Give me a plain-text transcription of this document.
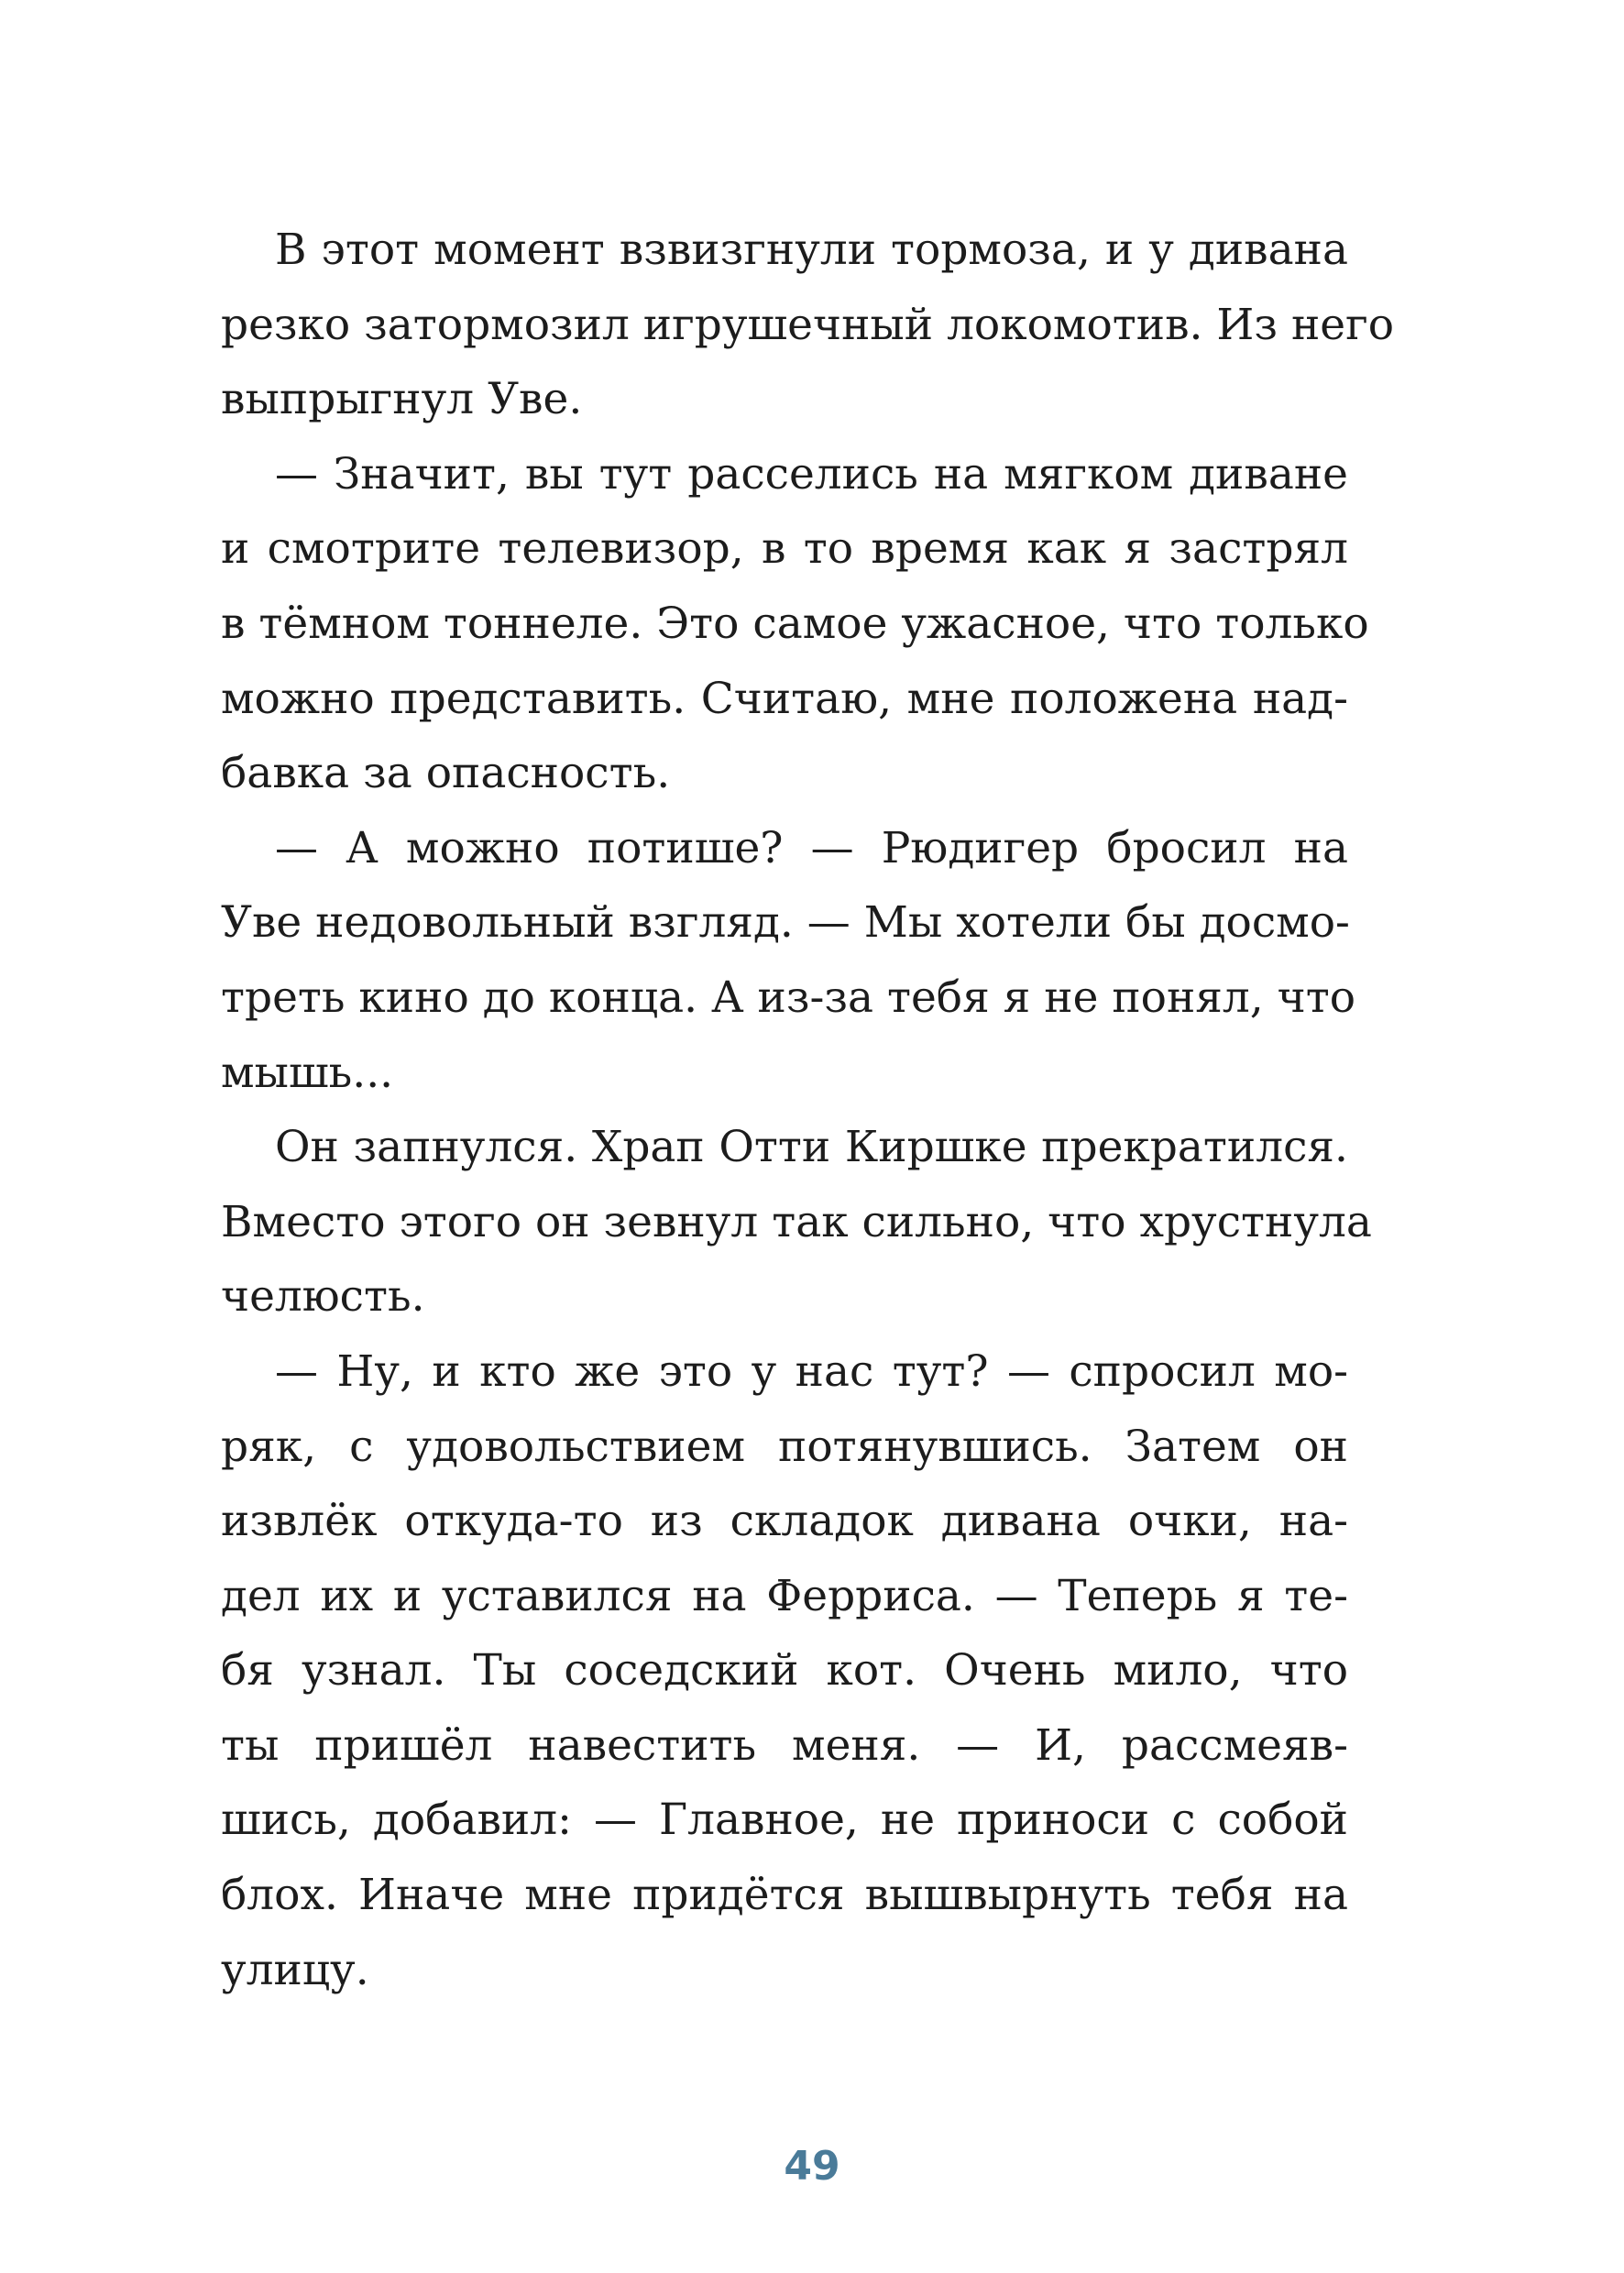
В этот момент взвизгнули тормоза, и у дивана
резко затормозил игрушечный локомотив. Из него
выпрыгнул Уве.
— Значит, вы тут расселись на мягком диване
и смотрите телевизор, в то время как я застрял
в тёмном тоннеле. Это самое ужасное, что только
можно представить. Считаю, мне положена над-
бавка за опасность.
— А можно потише? — Рюдигер бросил на
Уве недовольный взгляд. — Мы хотели бы досмо-
треть кино до конца. А из-за тебя я не понял, что
мышь...
Он запнулся. Храп Отти Киршке прекратился.
Вместо этого он зевнул так сильно, что хрустнула
челюсть.
— Ну, и кто же это у нас тут? — спросил мо-
ряк, с удовольствием потянувшись. Затем он
извлёк откуда-то из складок дивана очки, на-
дел их и уставился на Ферриса. — Теперь я те-
бя узнал. Ты соседский кот. Очень мило, что
ты пришёл навестить меня. — И, рассмеяв-
шись, добавил: — Главное, не приноси с собой
блох. Иначе мне придётся вышвырнуть тебя на
улицу.
49
